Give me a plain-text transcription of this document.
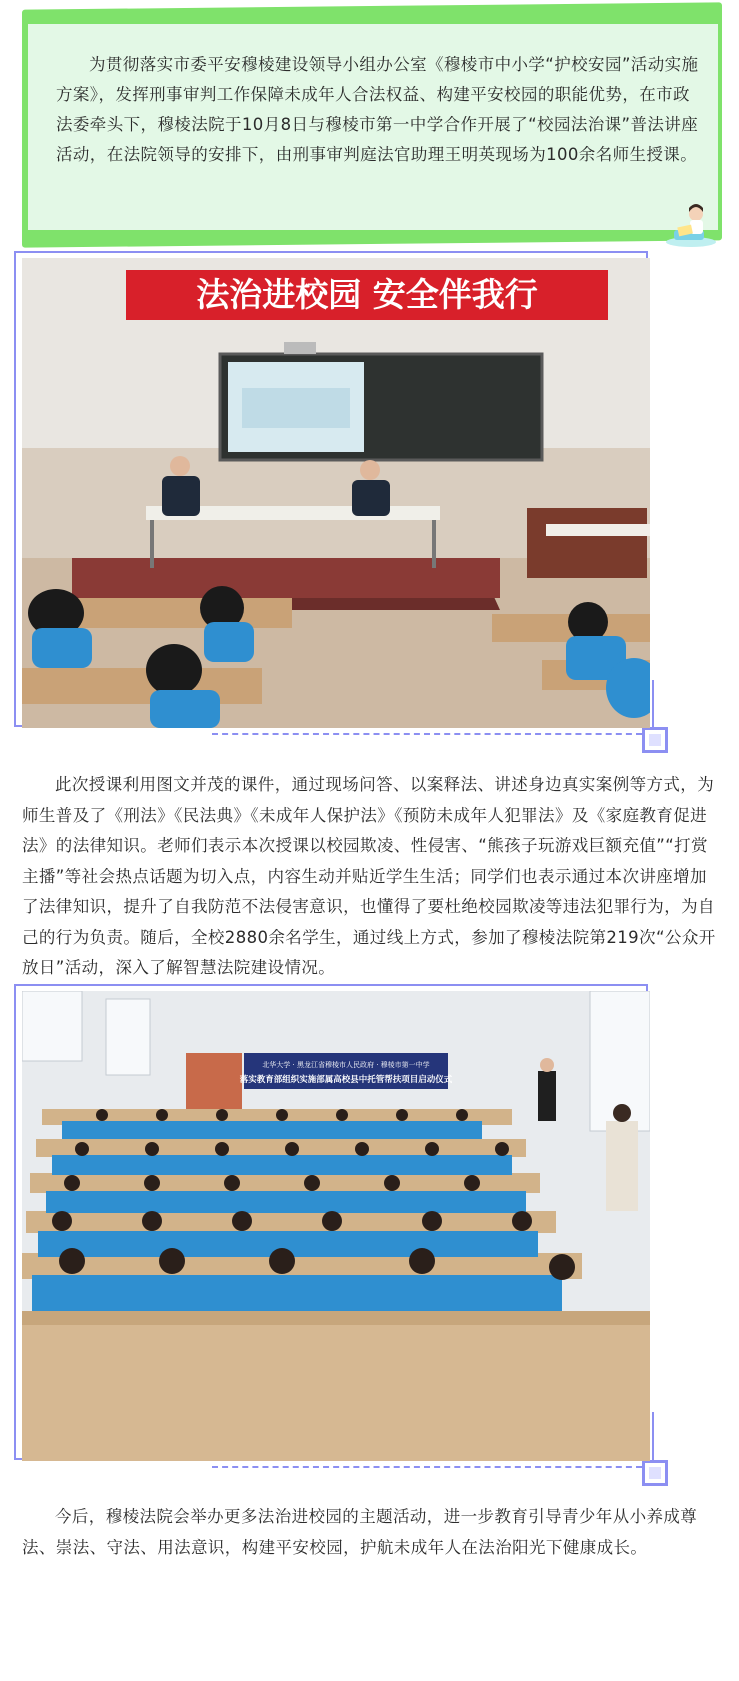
为贯彻落实市委平安穆棱建设领导小组办公室《穆棱市中小学“护校安园”活动实施方案》，发挥刑事审判工作保障未成年人合法权益、构建平安校园的职能优势，在市政法委牵头下，穆棱法院于10月8日与穆棱市第一中学合作开展了“校园法治课”普法讲座活动，在法院领导的安排下，由刑事审判庭法官助理王明英现场为100余名师生授课。

法治进校园 安全伴我行

此次授课利用图文并茂的课件，通过现场问答、以案释法、讲述身边真实案例等方式，为师生普及了《刑法》《民法典》《未成年人保护法》《预防未成年人犯罪法》及《家庭教育促进法》的法律知识。老师们表示本次授课以校园欺凌、性侵害、“熊孩子玩游戏巨额充值”“打赏主播”等社会热点话题为切入点，内容生动并贴近学生生活；同学们也表示通过本次讲座增加了法律知识，提升了自我防范不法侵害意识，也懂得了要杜绝校园欺凌等违法犯罪行为，为自己的行为负责。随后，全校2880余名学生，通过线上方式，参加了穆棱法院第219次“公众开放日”活动，深入了解智慧法院建设情况。

北华大学 · 黑龙江省穆棱市人民政府 · 穆棱市第一中学
落实教育部组织实施部属高校县中托管帮扶项目启动仪式

今后，穆棱法院会举办更多法治进校园的主题活动，进一步教育引导青少年从小养成尊法、崇法、守法、用法意识，构建平安校园，护航未成年人在法治阳光下健康成长。
